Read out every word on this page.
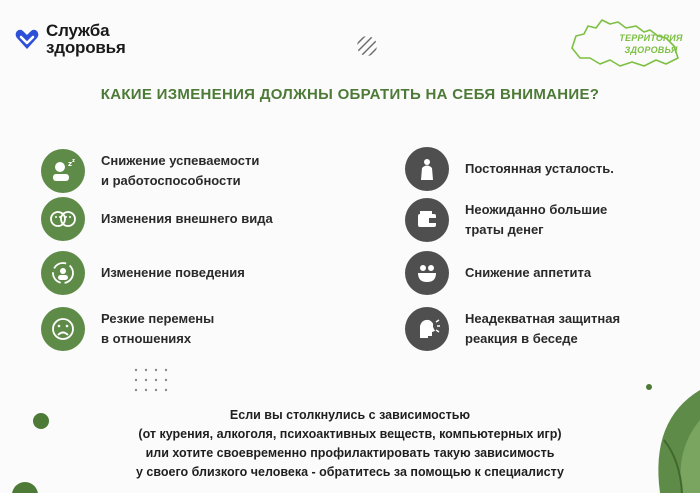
Служба
здоровья	ТЕРРИТОРИЯ
ЗДОРОВЬЯ
КАКИЕ ИЗМЕНЕНИЯ ДОЛЖНЫ ОБРАТИТЬ НА СЕБЯ ВНИМАНИЕ?
z z Снижение успеваемости
и работоспособности
Изменения внешнего вида
Изменение поведения
Резкие перемены
в отношениях
Постоянная усталость.
Неожиданно большие
траты денег
Снижение аппетита
Неадекватная защитная
реакция в беседе
Если вы столкнулись с зависимостью
(от курения, алкоголя, психоактивных веществ, компьютерных игр)
или хотите своевременно профилактировать такую зависимость
у своего близкого человека - обратитесь за помощью к специалисту
